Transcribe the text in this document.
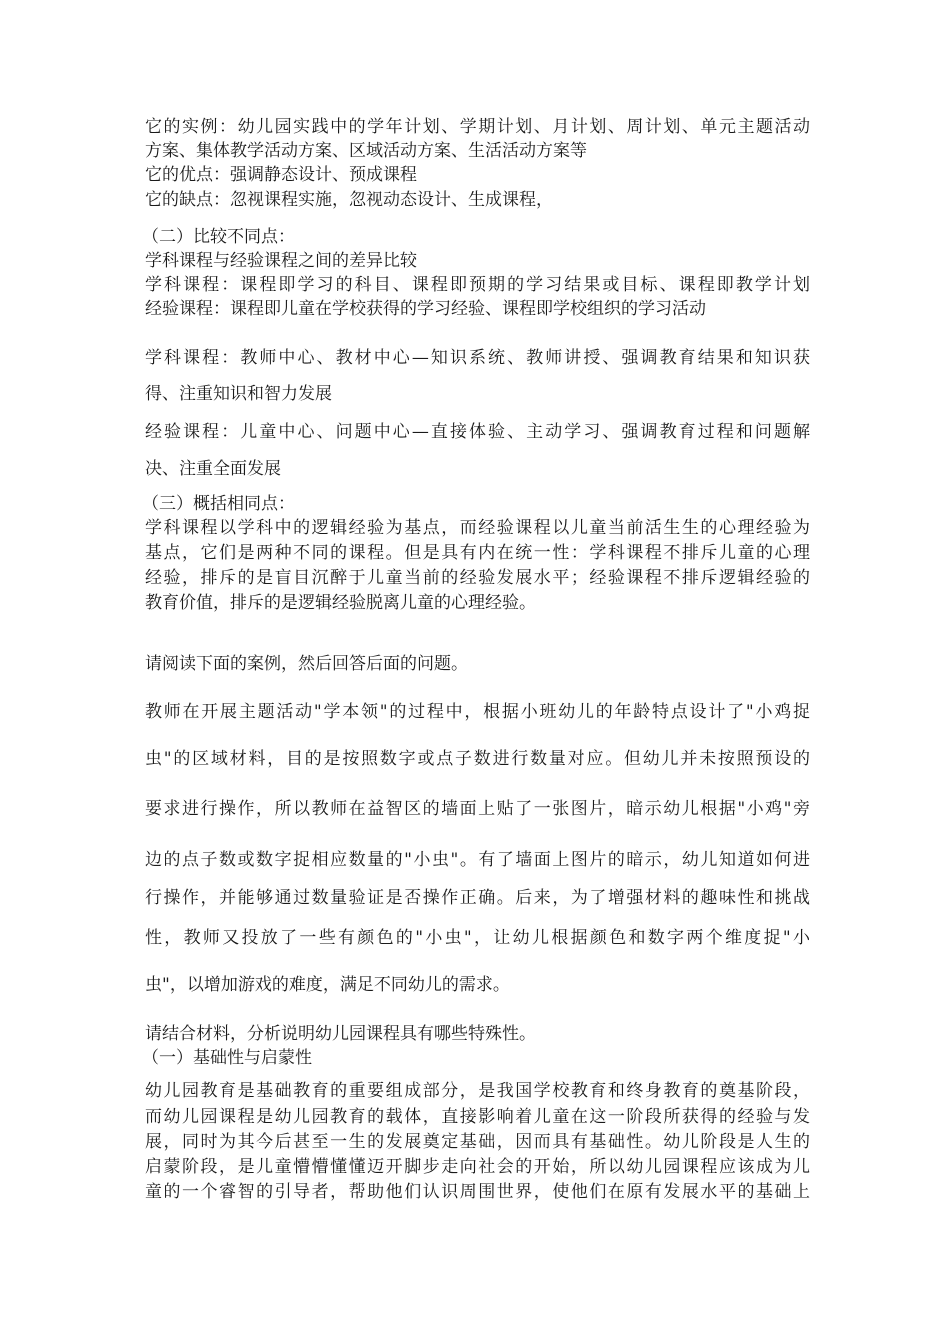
它的实例：幼儿园实践中的学年计划、学期计划、月计划、周计划、单元主题活动
方案、集体教学活动方案、区域活动方案、生活活动方案等
它的优点：强调静态设计、预成课程
它的缺点：忽视课程实施，忽视动态设计、生成课程，
（二）比较不同点：
学科课程与经验课程之间的差异比较
学科课程：课程即学习的科目、课程即预期的学习结果或目标、课程即教学计划
经验课程：课程即儿童在学校获得的学习经验、课程即学校组织的学习活动
学科课程：教师中心、教材中心—知识系统、教师讲授、强调教育结果和知识获
得、注重知识和智力发展
经验课程：儿童中心、问题中心—直接体验、主动学习、强调教育过程和问题解
决、注重全面发展
（三）概括相同点：
学科课程以学科中的逻辑经验为基点，而经验课程以儿童当前活生生的心理经验为
基点，它们是两种不同的课程。但是具有内在统一性：学科课程不排斥儿童的心理
经验，排斥的是盲目沉醉于儿童当前的经验发展水平；经验课程不排斥逻辑经验的
教育价值，排斥的是逻辑经验脱离儿童的心理经验。
请阅读下面的案例，然后回答后面的问题。
教师在开展主题活动"学本领"的过程中，根据小班幼儿的年龄特点设计了"小鸡捉
虫"的区域材料，目的是按照数字或点子数进行数量对应。但幼儿并未按照预设的
要求进行操作，所以教师在益智区的墙面上贴了一张图片，暗示幼儿根据"小鸡"旁
边的点子数或数字捉相应数量的"小虫"。有了墙面上图片的暗示，幼儿知道如何进
行操作，并能够通过数量验证是否操作正确。后来，为了增强材料的趣味性和挑战
性，教师又投放了一些有颜色的"小虫"，让幼儿根据颜色和数字两个维度捉"小
虫"，以增加游戏的难度，满足不同幼儿的需求。
请结合材料，分析说明幼儿园课程具有哪些特殊性。
（一）基础性与启蒙性
幼儿园教育是基础教育的重要组成部分，是我国学校教育和终身教育的奠基阶段，
而幼儿园课程是幼儿园教育的载体，直接影响着儿童在这一阶段所获得的经验与发
展，同时为其今后甚至一生的发展奠定基础，因而具有基础性。幼儿阶段是人生的
启蒙阶段，是儿童懵懵懂懂迈开脚步走向社会的开始，所以幼儿园课程应该成为儿
童的一个睿智的引导者，帮助他们认识周围世界，使他们在原有发展水平的基础上
